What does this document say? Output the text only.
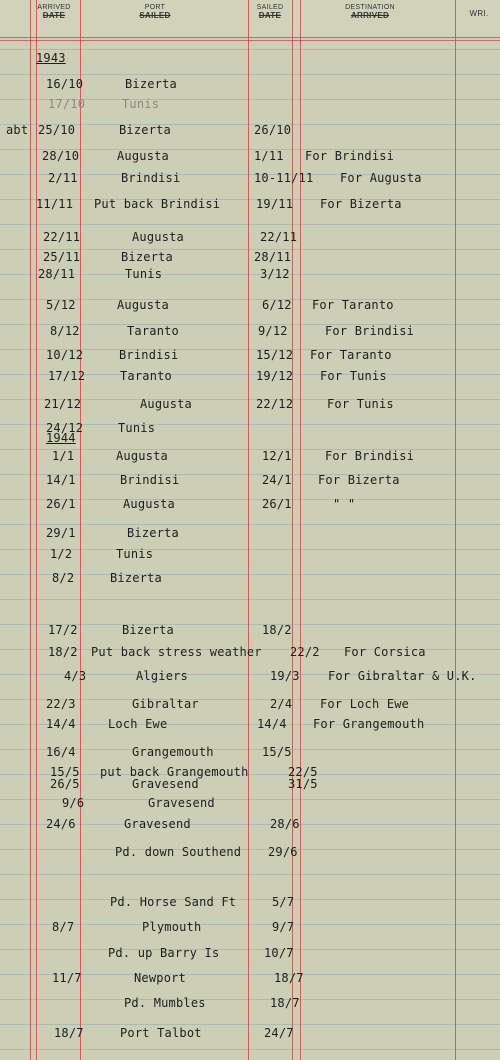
ARRIVED
DATE
PORT
SAILED
SAILED
DATE
DESTINATION
ARRIVED	WRI.
1943
1944
abt
16/10	Bizerta
17/10	Tunis
25/10	Bizerta	26/10
28/10	Augusta	1/11 For Brindisi
2/11	Brindisi	10-11/11 For Augusta
11/11 Put back Brindisi	19/11 For Bizerta
22/11	Augusta	22/11
25/11	Bizerta	28/11
28/11	Tunis	3/12
5/12	Augusta	6/12 For Taranto
8/12	Taranto	9/12	For Brindisi
10/12	Brindisi	15/12 For Taranto
17/12	Taranto	19/12 For Tunis
21/12	Augusta	22/12	For Tunis
24/12	Tunis
1/1	Augusta	12/1	For Brindisi
14/1	Brindisi	24/1 For Bizerta
26/1	Augusta	26/1	" "
29/1	Bizerta
1/2	Tunis
8/2	Bizerta
17/2	Bizerta	18/2
18/2 Put back stress weather 22/2 For Corsica
4/3	Algiers	19/3 For Gibraltar & U.K.
22/3	Gibraltar	2/4 For Loch Ewe
14/4	Loch Ewe	14/4 For Grangemouth
16/4	Grangemouth	15/5
15/5 put back Grangemouth	22/5
26/5	Gravesend	31/5
9/6	Gravesend
24/6	Gravesend	28/6
Pd. down Southend 29/6
Pd. Horse Sand Ft	5/7
8/7	Plymouth	9/7
Pd. up Barry Is	10/7
11/7	Newport	18/7
Pd. Mumbles	18/7
18/7	Port Talbot	24/7
